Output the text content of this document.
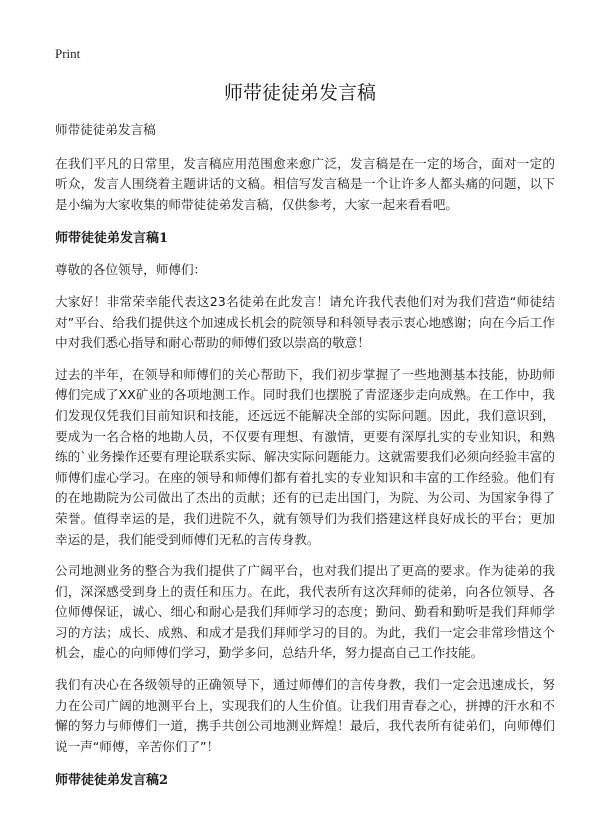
Print
师带徒徒弟发言稿

师带徒徒弟发言稿

在我们平凡的日常里，发言稿应用范围愈来愈广泛，发言稿是在一定的场合，面对一定的听众，发言人围绕着主题讲话的文稿。相信写发言稿是一个让许多人都头痛的问题，以下是小编为大家收集的师带徒徒弟发言稿，仅供参考，大家一起来看看吧。

师带徒徒弟发言稿1

尊敬的各位领导，师傅们：

大家好！非常荣幸能代表这23名徒弟在此发言！请允许我代表他们对为我们营造“师徒结对”平台、给我们提供这个加速成长机会的院领导和科领导表示衷心地感谢；向在今后工作中对我们悉心指导和耐心帮助的师傅们致以崇高的敬意！

过去的半年，在领导和师傅们的关心帮助下，我们初步掌握了一些地测基本技能，协助师傅们完成了XX矿业的各项地测工作。同时我们也摆脱了青涩逐步走向成熟。在工作中，我们发现仅凭我们目前知识和技能，还远远不能解决全部的实际问题。因此，我们意识到，要成为一名合格的地勘人员，不仅要有理想、有激情，更要有深厚扎实的专业知识，和熟练的`业务操作还要有理论联系实际、解决实际问题能力。这就需要我们必须向经验丰富的师傅们虚心学习。在座的领导和师傅们都有着扎实的专业知识和丰富的工作经验。他们有的在地勘院为公司做出了杰出的贡献；还有的已走出国门，为院、为公司、为国家争得了荣誉。值得幸运的是，我们进院不久，就有领导们为我们搭建这样良好成长的平台；更加幸运的是，我们能受到师傅们无私的言传身教。

公司地测业务的整合为我们提供了广阔平台，也对我们提出了更高的要求。作为徒弟的我们，深深感受到身上的责任和压力。在此，我代表所有这次拜师的徒弟，向各位领导、各位师傅保证，诚心、细心和耐心是我们拜师学习的态度；勤问、勤看和勤听是我们拜师学习的方法；成长、成熟、和成才是我们拜师学习的目的。为此，我们一定会非常珍惜这个机会，虚心的向师傅们学习，勤学多问，总结升华，努力提高自己工作技能。

我们有决心在各级领导的正确领导下，通过师傅们的言传身教，我们一定会迅速成长，努力在公司广阔的地测平台上，实现我们的人生价值。让我们用青春之心，拼搏的汗水和不懈的努力与师傅们一道，携手共创公司地测业辉煌！最后，我代表所有徒弟们，向师傅们说一声“师傅，辛苦你们了”！

师带徒徒弟发言稿2
